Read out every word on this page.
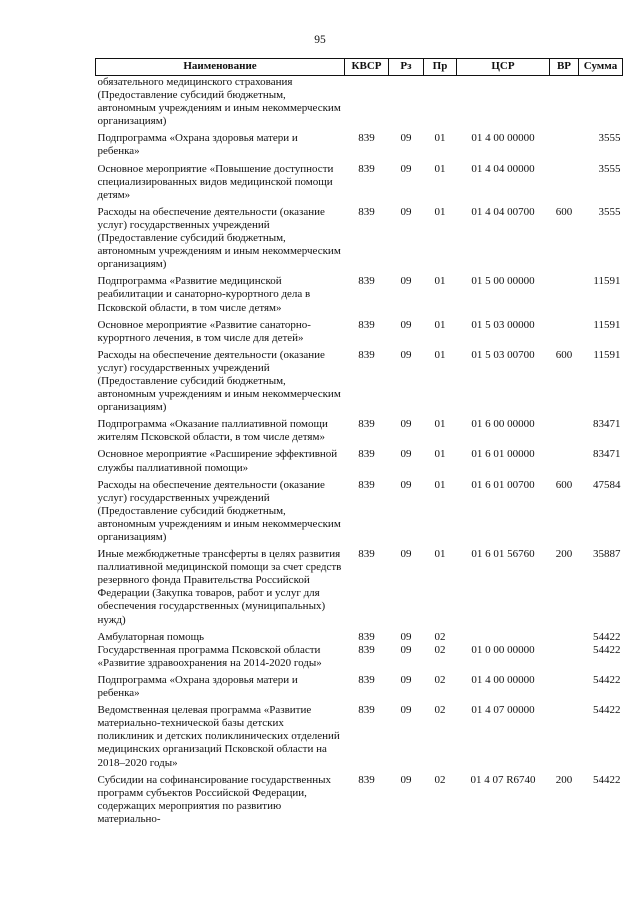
95
Наименование	КВСР	Рз	Пр	ЦСР	ВР	Сумма
обязательного медицинского страхования (Предоставление субсидий бюджетным, автономным учреждениям и иным некоммерческим организациям)						
Подпрограмма «Охрана здоровья матери и ребенка»	839	09	01	01 4 00 00000		3555
Основное мероприятие «Повышение доступности специализированных видов медицинской помощи детям»	839	09	01	01 4 04 00000		3555
Расходы на обеспечение деятельности (оказание услуг) государственных учреждений (Предоставление субсидий бюджетным, автономным учреждениям и иным некоммерческим организациям)	839	09	01	01 4 04 00700	600	3555
Подпрограмма «Развитие медицинской реабилитации и санаторно-курортного дела в Псковской области, в том числе детям»	839	09	01	01 5 00 00000		11591
Основное мероприятие «Развитие санаторно-курортного лечения, в том числе для детей»	839	09	01	01 5 03 00000		11591
Расходы на обеспечение деятельности (оказание услуг) государственных учреждений (Предоставление субсидий бюджетным, автономным учреждениям и иным некоммерческим организациям)	839	09	01	01 5 03 00700	600	11591
Подпрограмма «Оказание паллиативной помощи жителям Псковской области, в том числе детям»	839	09	01	01 6 00 00000		83471
Основное мероприятие «Расширение эффективной службы паллиативной помощи»	839	09	01	01 6 01 00000		83471
Расходы на обеспечение деятельности (оказание услуг) государственных учреждений (Предоставление субсидий бюджетным, автономным учреждениям и иным некоммерческим организациям)	839	09	01	01 6 01 00700	600	47584
Иные межбюджетные трансферты в целях развития паллиативной медицинской помощи за счет средств резервного фонда Правительства Российской Федерации (Закупка товаров, работ и услуг для обеспечения государственных (муниципальных) нужд)	839	09	01	01 6 01 56760	200	35887
Амбулаторная помощь	839	09	02			54422
Государственная программа Псковской области «Развитие здравоохранения на 2014-2020 годы»	839	09	02	01 0 00 00000		54422
Подпрограмма «Охрана здоровья матери и ребенка»	839	09	02	01 4 00 00000		54422
Ведомственная целевая программа «Развитие материально-технической базы детских поликлиник и детских поликлинических отделений медицинских организаций Псковской области на 2018–2020 годы»	839	09	02	01 4 07 00000		54422
Субсидии на софинансирование государственных программ субъектов Российской Федерации, содержащих мероприятия по развитию материально-	839	09	02	01 4 07 R6740	200	54422
